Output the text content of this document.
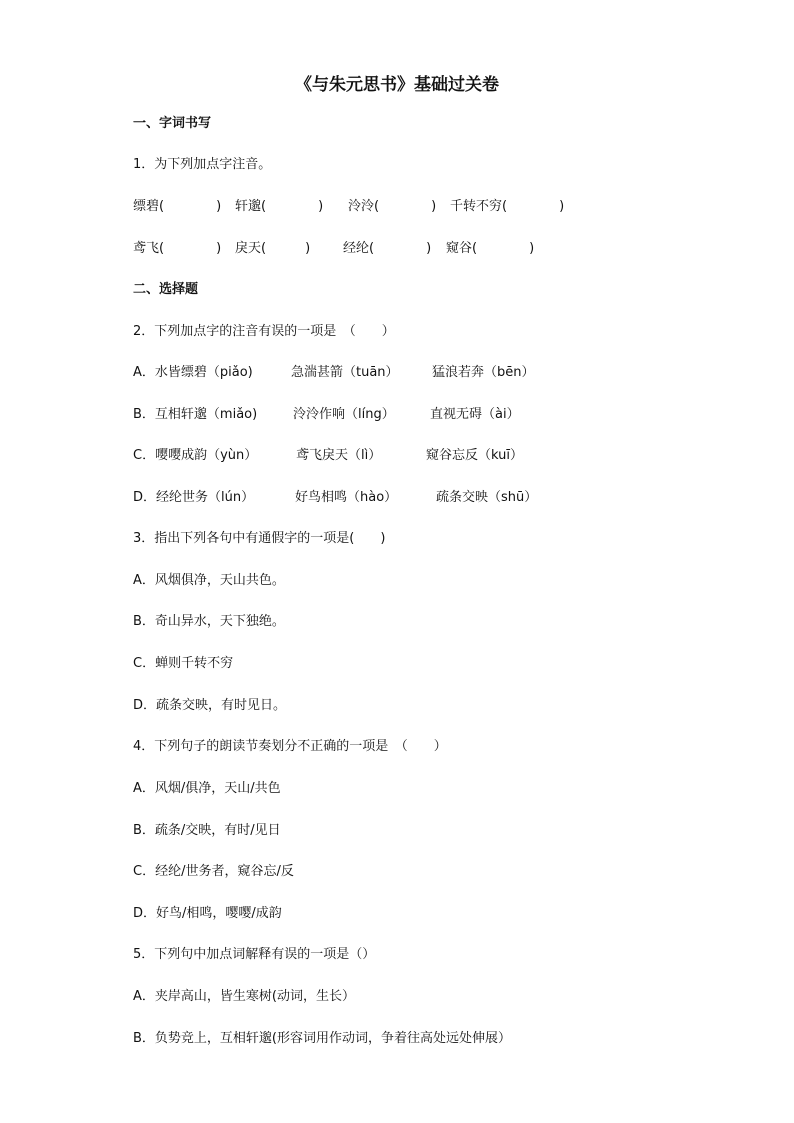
《与朱元思书》基础过关卷
一、字词书写
1．为下列加点字注音。
缥碧(　　　　) 轩邈(　　　　) 泠泠(　　　　) 千转不穷(　　　　)
鸢飞(　　　　) 戾天(　　　)	经纶(　　　　) 窥谷(　　　　)
二、选择题
2．下列加点字的注音有误的一项是　（　　）
A．水皆缥碧（piǎo)	急湍甚箭（tuān）	猛浪若奔（bēn）
B．互相轩邈（miǎo)	泠泠作响（líng）	直视无碍（ài）
C．嘤嘤成韵（yùn）	鸢飞戾天（lì）	窥谷忘反（kuī）
D．经纶世务（lún）	好鸟相鸣（hào）	疏条交映（shū）
3．指出下列各句中有通假字的一项是(　　)
A．风烟俱净，天山共色。
B．奇山异水，天下独绝。
C．蝉则千转不穷
D．疏条交映，有时见日。
4．下列句子的朗读节奏划分不正确的一项是　（　　）
A．风烟/俱净，天山/共色
B．疏条/交映，有时/见日
C．经纶/世务者，窥谷忘/反
D．好鸟/相鸣，嘤嘤/成韵
5．下列句中加点词解释有误的一项是（）
A．夹岸高山，皆生寒树(动词，生长）
B．负势竞上，互相轩邈(形容词用作动词，争着往高处远处伸展）
